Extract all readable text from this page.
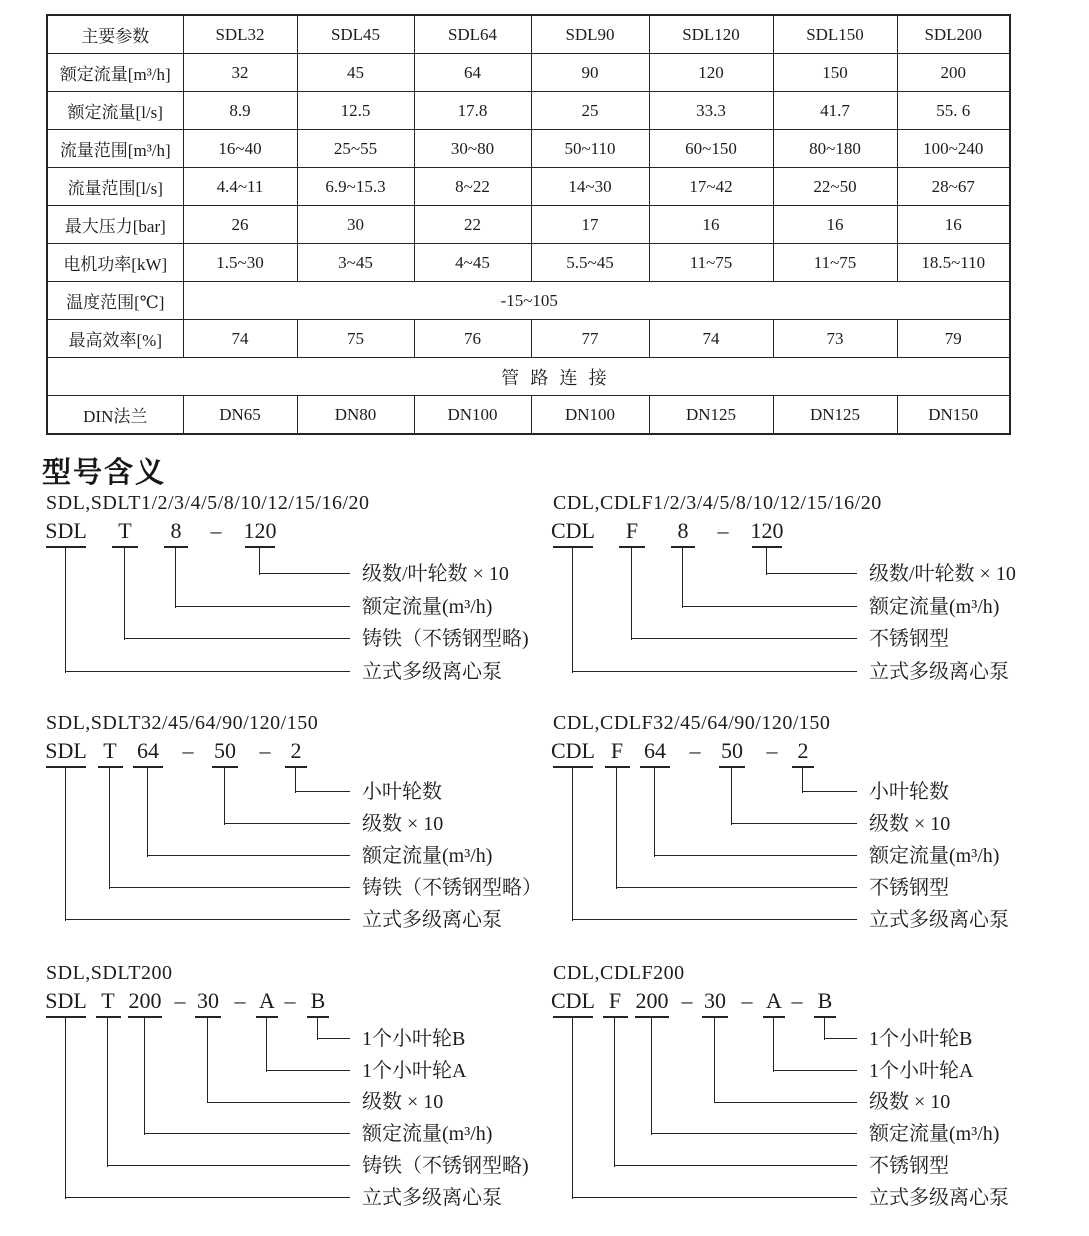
主要参数	SDL32	SDL45	SDL64	SDL90	SDL120	SDL150	SDL200
额定流量[m³/h]	32	45	64	90	120	150	200
额定流量[l/s]	8.9	12.5	17.8	25	33.3	41.7	55. 6
流量范围[m³/h]	16~40	25~55	30~80	50~110	60~150	80~180	100~240
流量范围[l/s]	4.4~11	6.9~15.3	8~22	14~30	17~42	22~50	28~67
最大压力[bar]	26	30	22	17	16	16	16
电机功率[kW]	1.5~30	3~45	4~45	5.5~45	11~75	11~75	18.5~110
温度范围[℃]	-15~105						
最高效率[%]	74	75	76	77	74	73	79
管路连接							
DIN法兰	DN65	DN80	DN100	DN100	DN125	DN125	DN150
型号含义
SDL,SDLT1/2/3/4/5/8/10/12/15/16/20
SDL
立式多级离心泵
T
铸铁（不锈钢型略)
8
额定流量(m³/h)
–	120
级数/叶轮数 × 10
CDL,CDLF1/2/3/4/5/8/10/12/15/16/20
CDL
立式多级离心泵
F
不锈钢型
8
额定流量(m³/h)
–	120
级数/叶轮数 × 10
SDL,SDLT32/45/64/90/120/150
SDL
立式多级离心泵
T
铸铁（不锈钢型略）
64
额定流量(m³/h)
– 50
级数 × 10
– 2
小叶轮数
CDL,CDLF32/45/64/90/120/150
CDL
立式多级离心泵
F
不锈钢型
64
额定流量(m³/h)
– 50
级数 × 10
– 2
小叶轮数
SDL,SDLT200
SDL
立式多级离心泵
T
铸铁（不锈钢型略)
200
额定流量(m³/h)
– 30
级数 × 10
– A
1个小叶轮A
– B
1个小叶轮B
CDL,CDLF200
CDL
立式多级离心泵
F
不锈钢型
200
额定流量(m³/h)
– 30
级数 × 10
– A
1个小叶轮A
– B
1个小叶轮B
